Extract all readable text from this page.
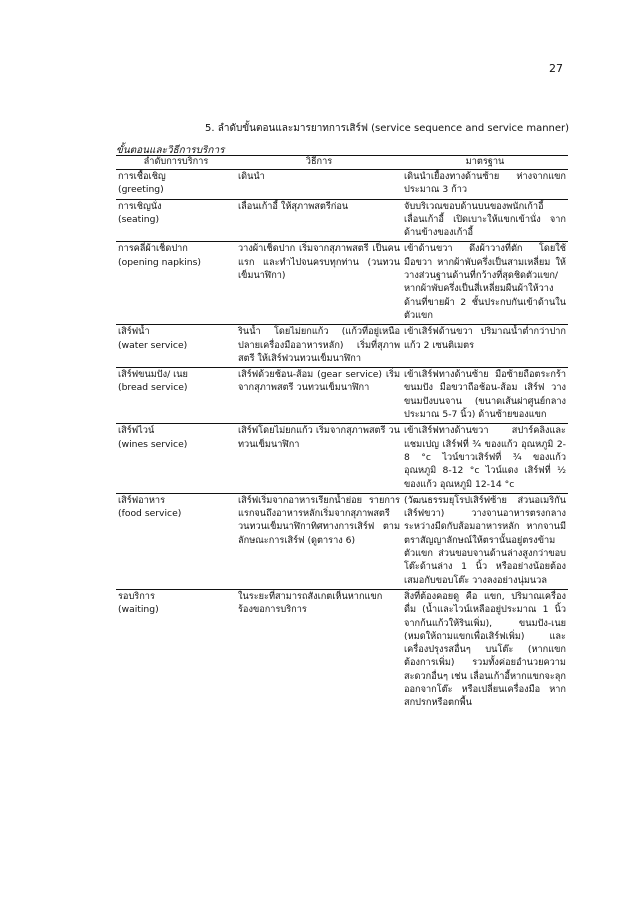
27
5. ลำดับขั้นตอนและมารยาทการเสิร์ฟ (service sequence and service manner)
ขั้นตอนและวิธีการบริการ
ลำดับการบริการ	วิธีการ	มาตรฐาน

การเชื้อเชิญ
(greeting)	เดินนำ	เดินนำเยื้องทางด้านซ้าย ห่างจากแขกประมาณ 3 ก้าว

การเชิญนั่ง
(seating)	เลื่อนเก้าอี้ ให้สุภาพสตรีก่อน	จับบริเวณขอบด้านบนของพนักเก้าอี้ เลื่อนเก้าอี้ เปิดเบาะให้แขกเข้านั่ง จากด้านข้างของเก้าอี้

การคลี่ผ้าเช็ดปาก
(opening napkins)	วางผ้าเช็ดปาก เริ่มจากสุภาพสตรี เป็นคนแรก และทำไปจนครบทุกท่าน (วนทวนเข็มนาฬิกา)	เข้าด้านขวา ดึงผ้าวางที่ตัก โดยใช้มือขวา หากผ้าพับครึ่งเป็นสามเหลี่ยม ให้วางส่วนฐานด้านที่กว้างที่สุดชิดตัวแขก/ หากผ้าพับครึ่งเป็นสี่เหลี่ยมผืนผ้าให้วางด้านที่ขายผ้า 2 ชั้นประกบกันเข้าด้านในตัวแขก

เสิร์ฟน้ำ
(water service)	รินน้ำ โดยไม่ยกแก้ว (แก้วที่อยู่เหนือปลายเครื่องมืออาหารหลัก) เริ่มที่สุภาพสตรี ให้เสิร์ฟวนทวนเข็มนาฬิกา	เข้าเสิร์ฟด้านขวา ปริมาณน้ำต่ำกว่าปากแก้ว 2 เซนติเมตร

เสิร์ฟขนมปัง/ เนย
(bread service)	เสิร์ฟด้วยช้อน-ส้อม (gear service) เริ่มจากสุภาพสตรี วนทวนเข็มนาฬิกา	เข้าเสิร์ฟทางด้านซ้าย มือซ้ายถือตระกร้าขนมปัง มือขวาถือช้อน-ส้อม เสิร์ฟ วางขนมปังบนจาน (ขนาดเส้นผ่าศูนย์กลางประมาณ 5-7 นิ้ว) ด้านซ้ายของแขก

เสิร์ฟไวน์
(wines service)	เสิร์ฟโดยไม่ยกแก้ว เริ่มจากสุภาพสตรี วนทวนเข็มนาฬิกา	เข้าเสิร์ฟทางด้านขวา สปาร์คลิงและแชมเปญ เสิร์ฟที่ ¾ ของแก้ว อุณหภูมิ 2-8 °c ไวน์ขาวเสิร์ฟที่ ¾ ของแก้ว อุณหภูมิ 8-12 °c ไวน์แดง เสิร์ฟที่ ½ ของแก้ว อุณหภูมิ 12-14 °c

เสิร์ฟอาหาร
(food service)	เสิร์ฟเริ่มจากอาหารเรียกน้ำย่อย รายการแรกจนถึงอาหารหลักเริ่มจากสุภาพสตรี วนทวนเข็มนาฬิกาทิศทางการเสิร์ฟ ตามลักษณะการเสิร์ฟ (ดูตาราง 6)	(วัฒนธรรมยุโรปเสิร์ฟซ้าย ส่วนอเมริกันเสิร์ฟขวา) วางจานอาหารตรงกลางระหว่างมีดกับส้อมอาหารหลัก หากจานมีตราสัญญาลักษณ์ให้ตรานั้นอยู่ตรงข้ามตัวแขก ส่วนขอบจานด้านล่างสูงกว่าขอบโต๊ะด้านล่าง 1 นิ้ว หรืออย่างน้อยต้องเสมอกับขอบโต๊ะ วางลงอย่างนุ่มนวล

รอบริการ
(waiting)	ในระยะที่สามารถสังเกตเห็นหากแขกร้องขอการบริการ	สิ่งที่ต้องคอยดู คือ แขก, ปริมาณเครื่องดื่ม (น้ำและไวน์เหลืออยู่ประมาณ 1 นิ้วจากก้นแก้วให้รินเพิ่ม), ขนมปัง-เนย (หมดให้ถามแขกเพื่อเสิร์ฟเพิ่ม) และเครื่องปรุงรสอื่นๆ บนโต๊ะ (หากแขกต้องการเพิ่ม) รวมทั้งค่อยอำนวยความสะดวกอื่นๆ เช่น เลื่อนเก้าอี้หากแขกจะลุกออกจากโต๊ะ หรือเปลี่ยนเครื่องมือ หากสกปรกหรือตกพื้น
